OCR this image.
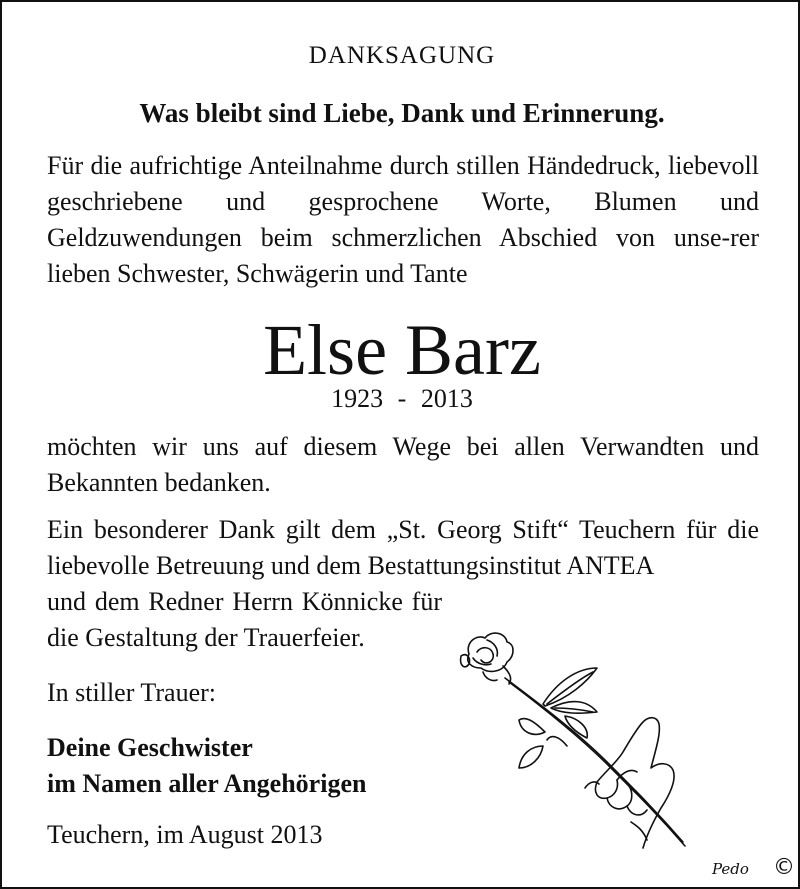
DANKSAGUNG
Was bleibt sind Liebe, Dank und Erinnerung.

Für die aufrichtige Anteilnahme durch stillen Händedruck, liebevoll geschriebene und gesprochene Worte, Blumen und Geldzuwendungen beim schmerzlichen Abschied von unse-rer lieben Schwester, Schwägerin und Tante

Else Barz
1923 - 2013

möchten wir uns auf diesem Wege bei allen Verwandten und Bekannten bedanken.

Ein besonderer Dank gilt dem „St. Georg Stift“ Teuchern für die liebevolle Betreuung und dem Bestattungsinstitut ANTEA

und dem Redner Herrn Könnicke für die Gestaltung der Trauerfeier.

In stiller Trauer:
Deine Geschwister
im Namen aller Angehörigen
Teuchern, im August 2013
Pedo ©
